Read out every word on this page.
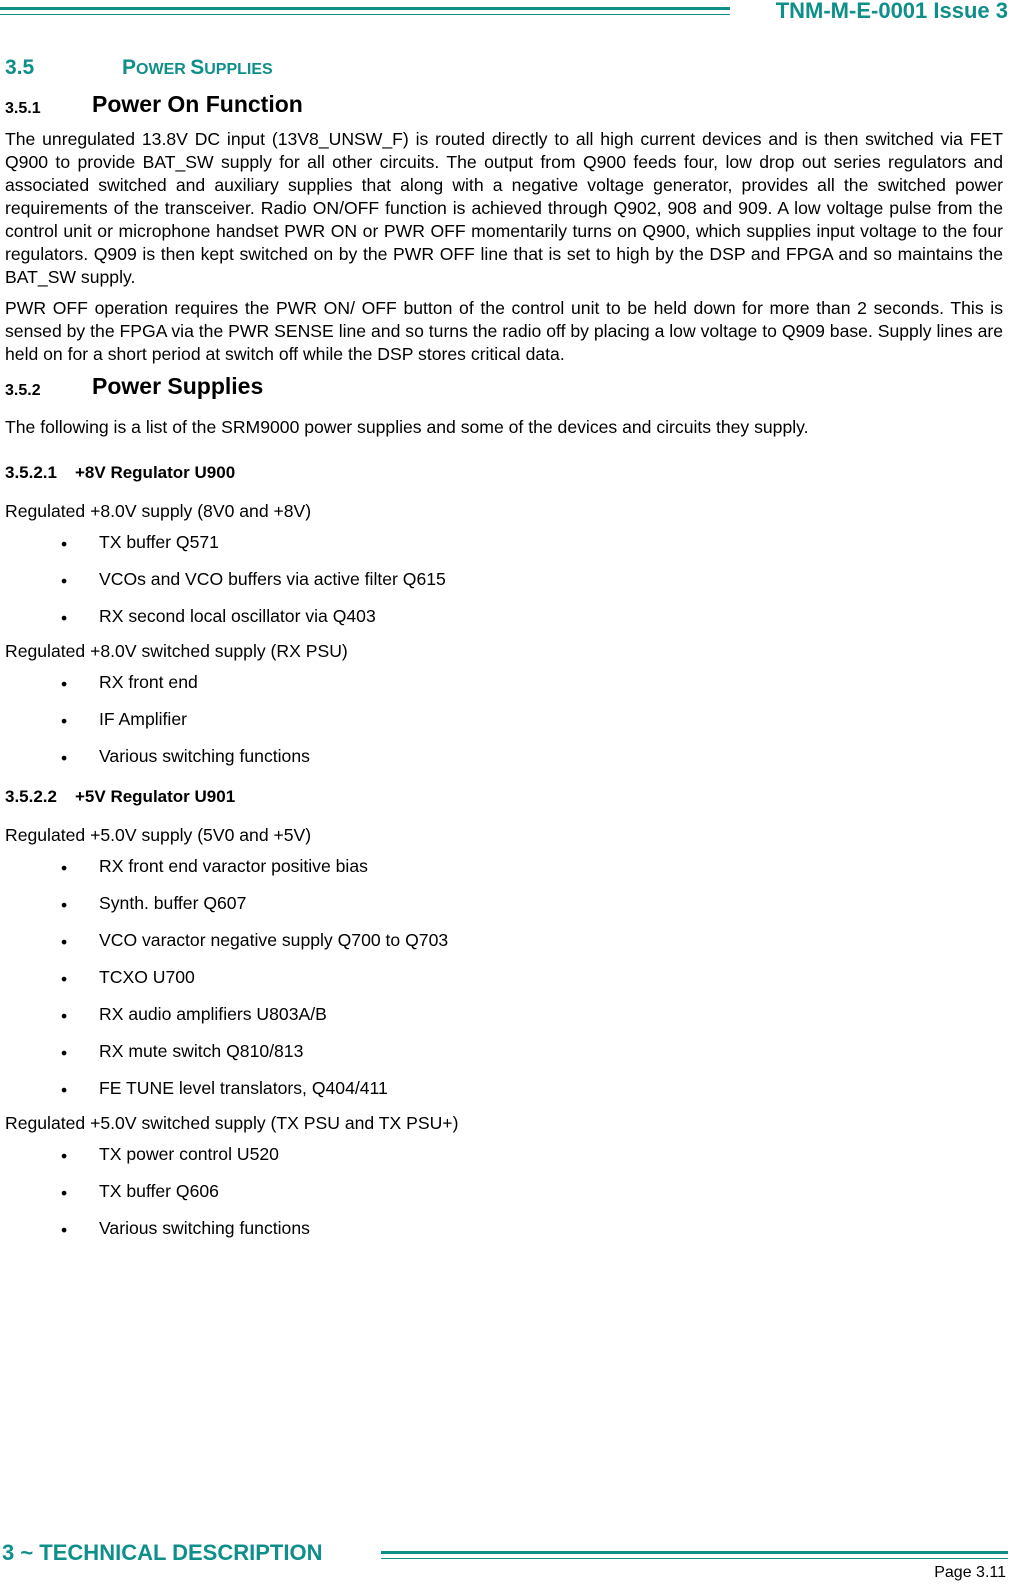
TNM-M-E-0001 Issue 3
3.5	POWER SUPPLIES
3.5.1 Power On Function

The unregulated 13.8V DC input (13V8_UNSW_F) is routed directly to all high current devices and is then switched via FET Q900 to provide BAT_SW supply for all other circuits. The output from Q900 feeds four, low drop out series regulators and associated switched and auxiliary supplies that along with a negative voltage generator, provides all the switched power requirements of the transceiver. Radio ON/OFF function is achieved through Q902, 908 and 909. A low voltage pulse from the control unit or microphone handset PWR ON or PWR OFF momentarily turns on Q900, which supplies input voltage to the four regulators. Q909 is then kept switched on by the PWR OFF line that is set to high by the DSP and FPGA and so maintains the BAT_SW supply.

PWR OFF operation requires the PWR ON/ OFF button of the control unit to be held down for more than 2 seconds. This is sensed by the FPGA via the PWR SENSE line and so turns the radio off by placing a low voltage to Q909 base. Supply lines are held on for a short period at switch off while the DSP stores critical data.

3.5.2 Power Supplies

The following is a list of the SRM9000 power supplies and some of the devices and circuits they supply.

3.5.2.1 +8V Regulator U900
Regulated +8.0V supply (8V0 and +8V)
• TX buffer Q571
• VCOs and VCO buffers via active filter Q615
• RX second local oscillator via Q403
Regulated +8.0V switched supply (RX PSU)
• RX front end
• IF Amplifier
• Various switching functions
3.5.2.2 +5V Regulator U901
Regulated +5.0V supply (5V0 and +5V)
• RX front end varactor positive bias
• Synth. buffer Q607
• VCO varactor negative supply Q700 to Q703
• TCXO U700
• RX audio amplifiers U803A/B
• RX mute switch Q810/813
• FE TUNE level translators, Q404/411
Regulated +5.0V switched supply (TX PSU and TX PSU+)
• TX power control U520
• TX buffer Q606
• Various switching functions
3 ~ TECHNICAL DESCRIPTION
Page 3.11
